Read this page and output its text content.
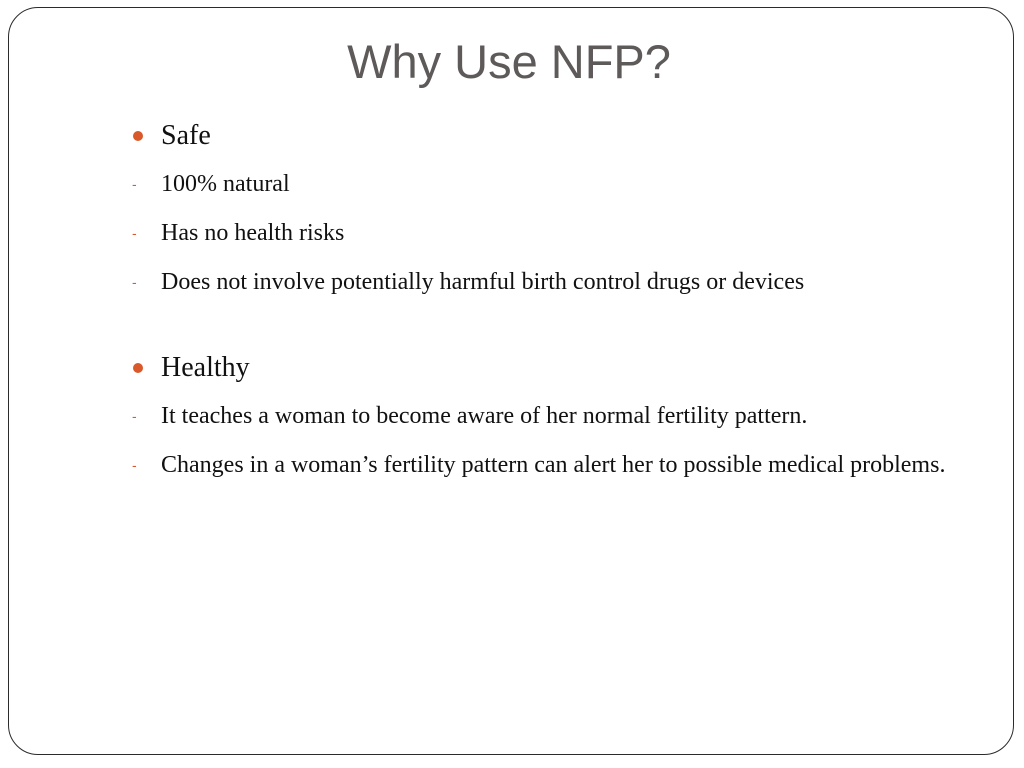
Why Use NFP?

Safe

- 100% natural

- Has no health risks

- Does not involve potentially harmful birth control drugs or devices

Healthy

- It teaches a woman to become aware of her normal fertility pattern.

- Changes in a woman’s fertility pattern can alert her to possible medical problems.
